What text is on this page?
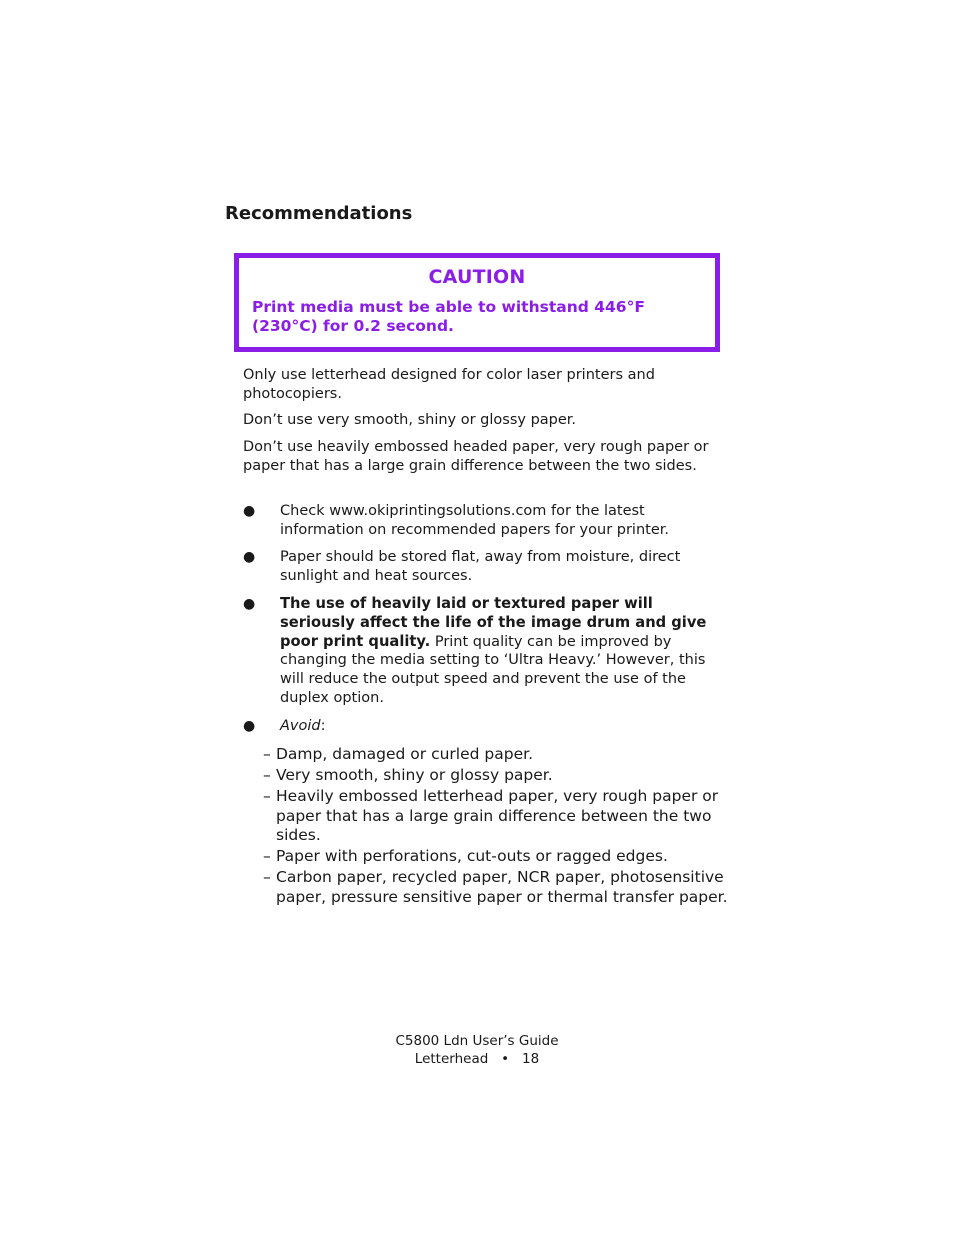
Recommendations
CAUTION
Print media must be able to withstand 446°F (230°C) for 0.2 second.

Only use letterhead designed for color laser printers and photocopiers.

Don’t use very smooth, shiny or glossy paper.

Don’t use heavily embossed headed paper, very rough paper or paper that has a large grain difference between the two sides.

● Check www.okiprintingsolutions.com for the latest information on recommended papers for your printer.
● Paper should be stored flat, away from moisture, direct sunlight and heat sources.
● The use of heavily laid or textured paper will seriously affect the life of the image drum and give poor print quality. Print quality can be improved by changing the media setting to ‘Ultra Heavy.’ However, this will reduce the output speed and prevent the use of the duplex option.
● Avoid:
– Damp, damaged or curled paper.
– Very smooth, shiny or glossy paper.
– Heavily embossed letterhead paper, very rough paper or paper that has a large grain difference between the two sides.
– Paper with perforations, cut-outs or ragged edges.
– Carbon paper, recycled paper, NCR paper, photosensitive paper, pressure sensitive paper or thermal transfer paper.
C5800 Ldn User’s Guide
Letterhead • 18
